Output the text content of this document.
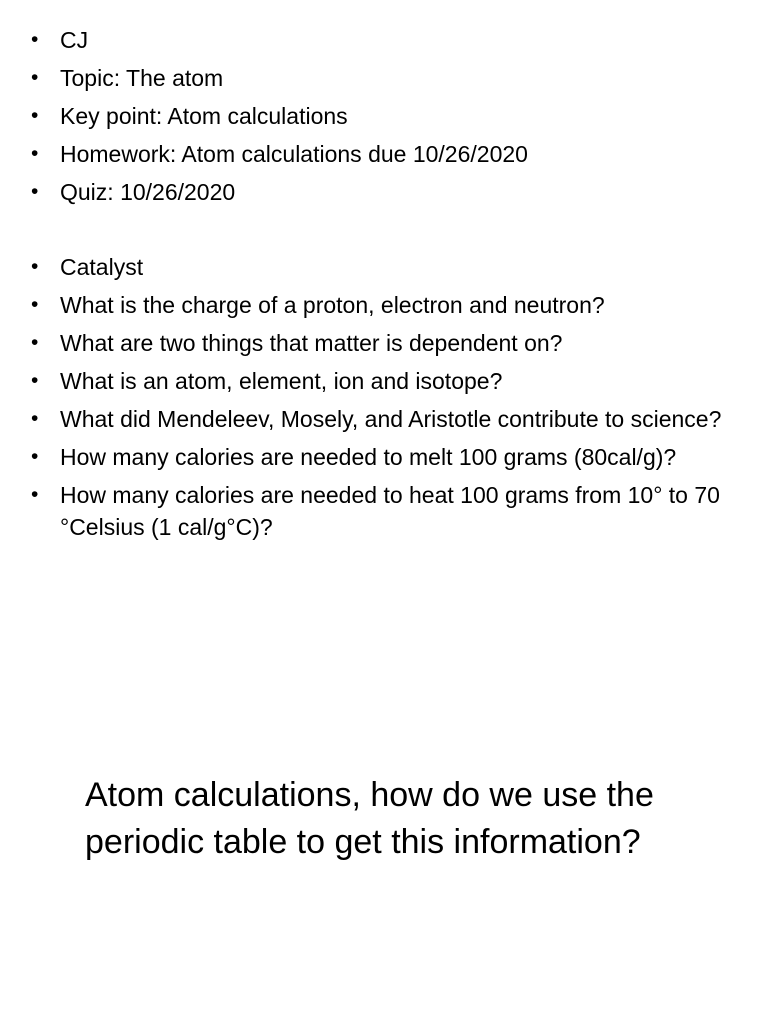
• CJ
• Topic: The atom
• Key point: Atom calculations
• Homework: Atom calculations due 10/26/2020
• Quiz: 10/26/2020
• Catalyst
• What is the charge of a proton, electron and neutron?
• What are two things that matter is dependent on?
• What is an atom, element, ion and isotope?
• What did Mendeleev, Mosely, and Aristotle contribute to science?
• How many calories are needed to melt 100 grams (80cal/g)?
• How many calories are needed to heat 100 grams from 10° to 70 °Celsius (1 cal/g°C)?
Atom calculations, how do we use the periodic table to get this information?
